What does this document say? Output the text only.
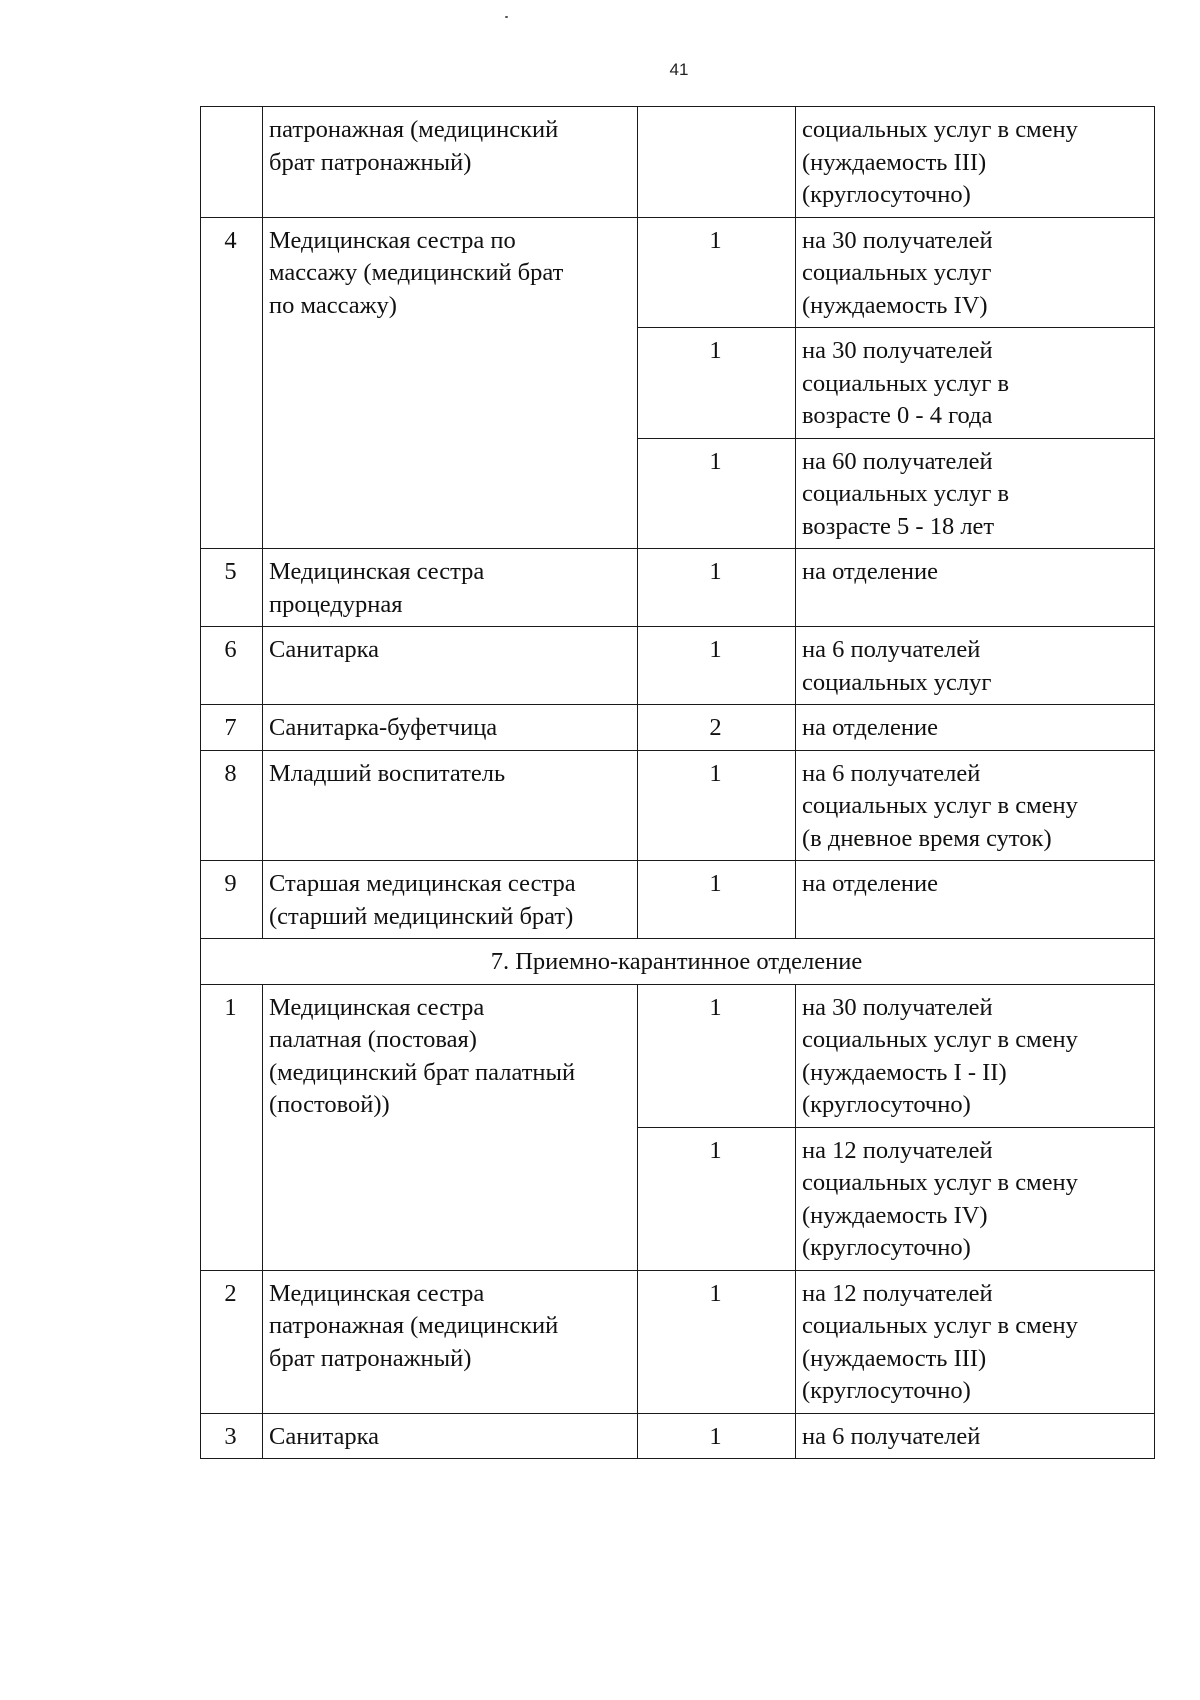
41
	патронажная (медицинский
брат патронажный)		социальных услуг в смену
(нуждаемость III)
(круглосуточно)
4	Медицинская сестра по
массажу (медицинский брат
по массажу)	1	на 30 получателей
социальных услуг
(нуждаемость IV)
		1	на 30 получателей
социальных услуг в
возрасте 0 - 4 года
		1	на 60 получателей
социальных услуг в
возрасте 5 - 18 лет
5	Медицинская сестра
процедурная	1	на отделение
6	Санитарка	1	на 6 получателей
социальных услуг
7	Санитарка-буфетчица	2	на отделение
8	Младший воспитатель	1	на 6 получателей
социальных услуг в смену
(в дневное время суток)
9	Старшая медицинская сестра
(старший медицинский брат)	1	на отделение
7. Приемно-карантинное отделение			
1	Медицинская сестра
палатная (постовая)
(медицинский брат палатный
(постовой))	1	на 30 получателей
социальных услуг в смену
(нуждаемость I - II)
(круглосуточно)
		1	на 12 получателей
социальных услуг в смену
(нуждаемость IV)
(круглосуточно)
2	Медицинская сестра
патронажная (медицинский
брат патронажный)	1	на 12 получателей
социальных услуг в смену
(нуждаемость III)
(круглосуточно)
3	Санитарка	1	на 6 получателей
